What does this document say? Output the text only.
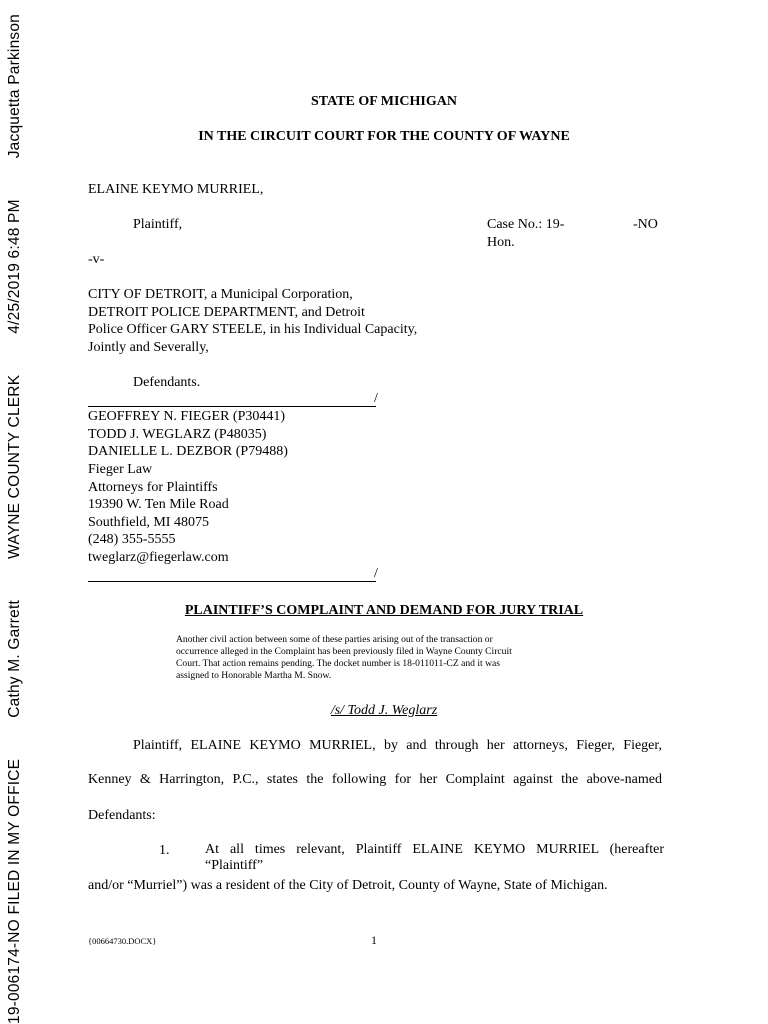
19-006174-NO FILED IN MY OFFICE
Cathy M. Garrett
WAYNE COUNTY CLERK
4/25/2019 6:48 PM
Jacquetta Parkinson	STATE OF MICHIGAN
IN THE CIRCUIT COURT FOR THE COUNTY OF WAYNE
ELAINE KEYMO MURRIEL,
Plaintiff,	Case No.: 19-	-NO
Hon.
-v-
CITY OF DETROIT, a Municipal Corporation,
DETROIT POLICE DEPARTMENT, and Detroit
Police Officer GARY STEELE, in his Individual Capacity,
Jointly and Severally,
Defendants.
/
GEOFFREY N. FIEGER (P30441)
TODD J. WEGLARZ (P48035)
DANIELLE L. DEZBOR (P79488)
Fieger Law
Attorneys for Plaintiffs
19390 W. Ten Mile Road
Southfield, MI 48075
(248) 355-5555
tweglarz@fiegerlaw.com
/
PLAINTIFF’S COMPLAINT AND DEMAND FOR JURY TRIAL
Another civil action between some of these parties arising out of the transaction or
occurrence alleged in the Complaint has been previously filed in Wayne County Circuit
Court. That action remains pending. The docket number is 18-011011-CZ and it was
assigned to Honorable Martha M. Snow.
/s/ Todd J. Weglarz
Plaintiff, ELAINE KEYMO MURRIEL, by and through her attorneys, Fieger, Fieger,
Kenney & Harrington, P.C., states the following for her Complaint against the above-named
Defendants:
1.	At all times relevant, Plaintiff ELAINE KEYMO MURRIEL (hereafter “Plaintiff”
and/or “Murriel”) was a resident of the City of Detroit, County of Wayne, State of Michigan.
{00664730.DOCX}	1
